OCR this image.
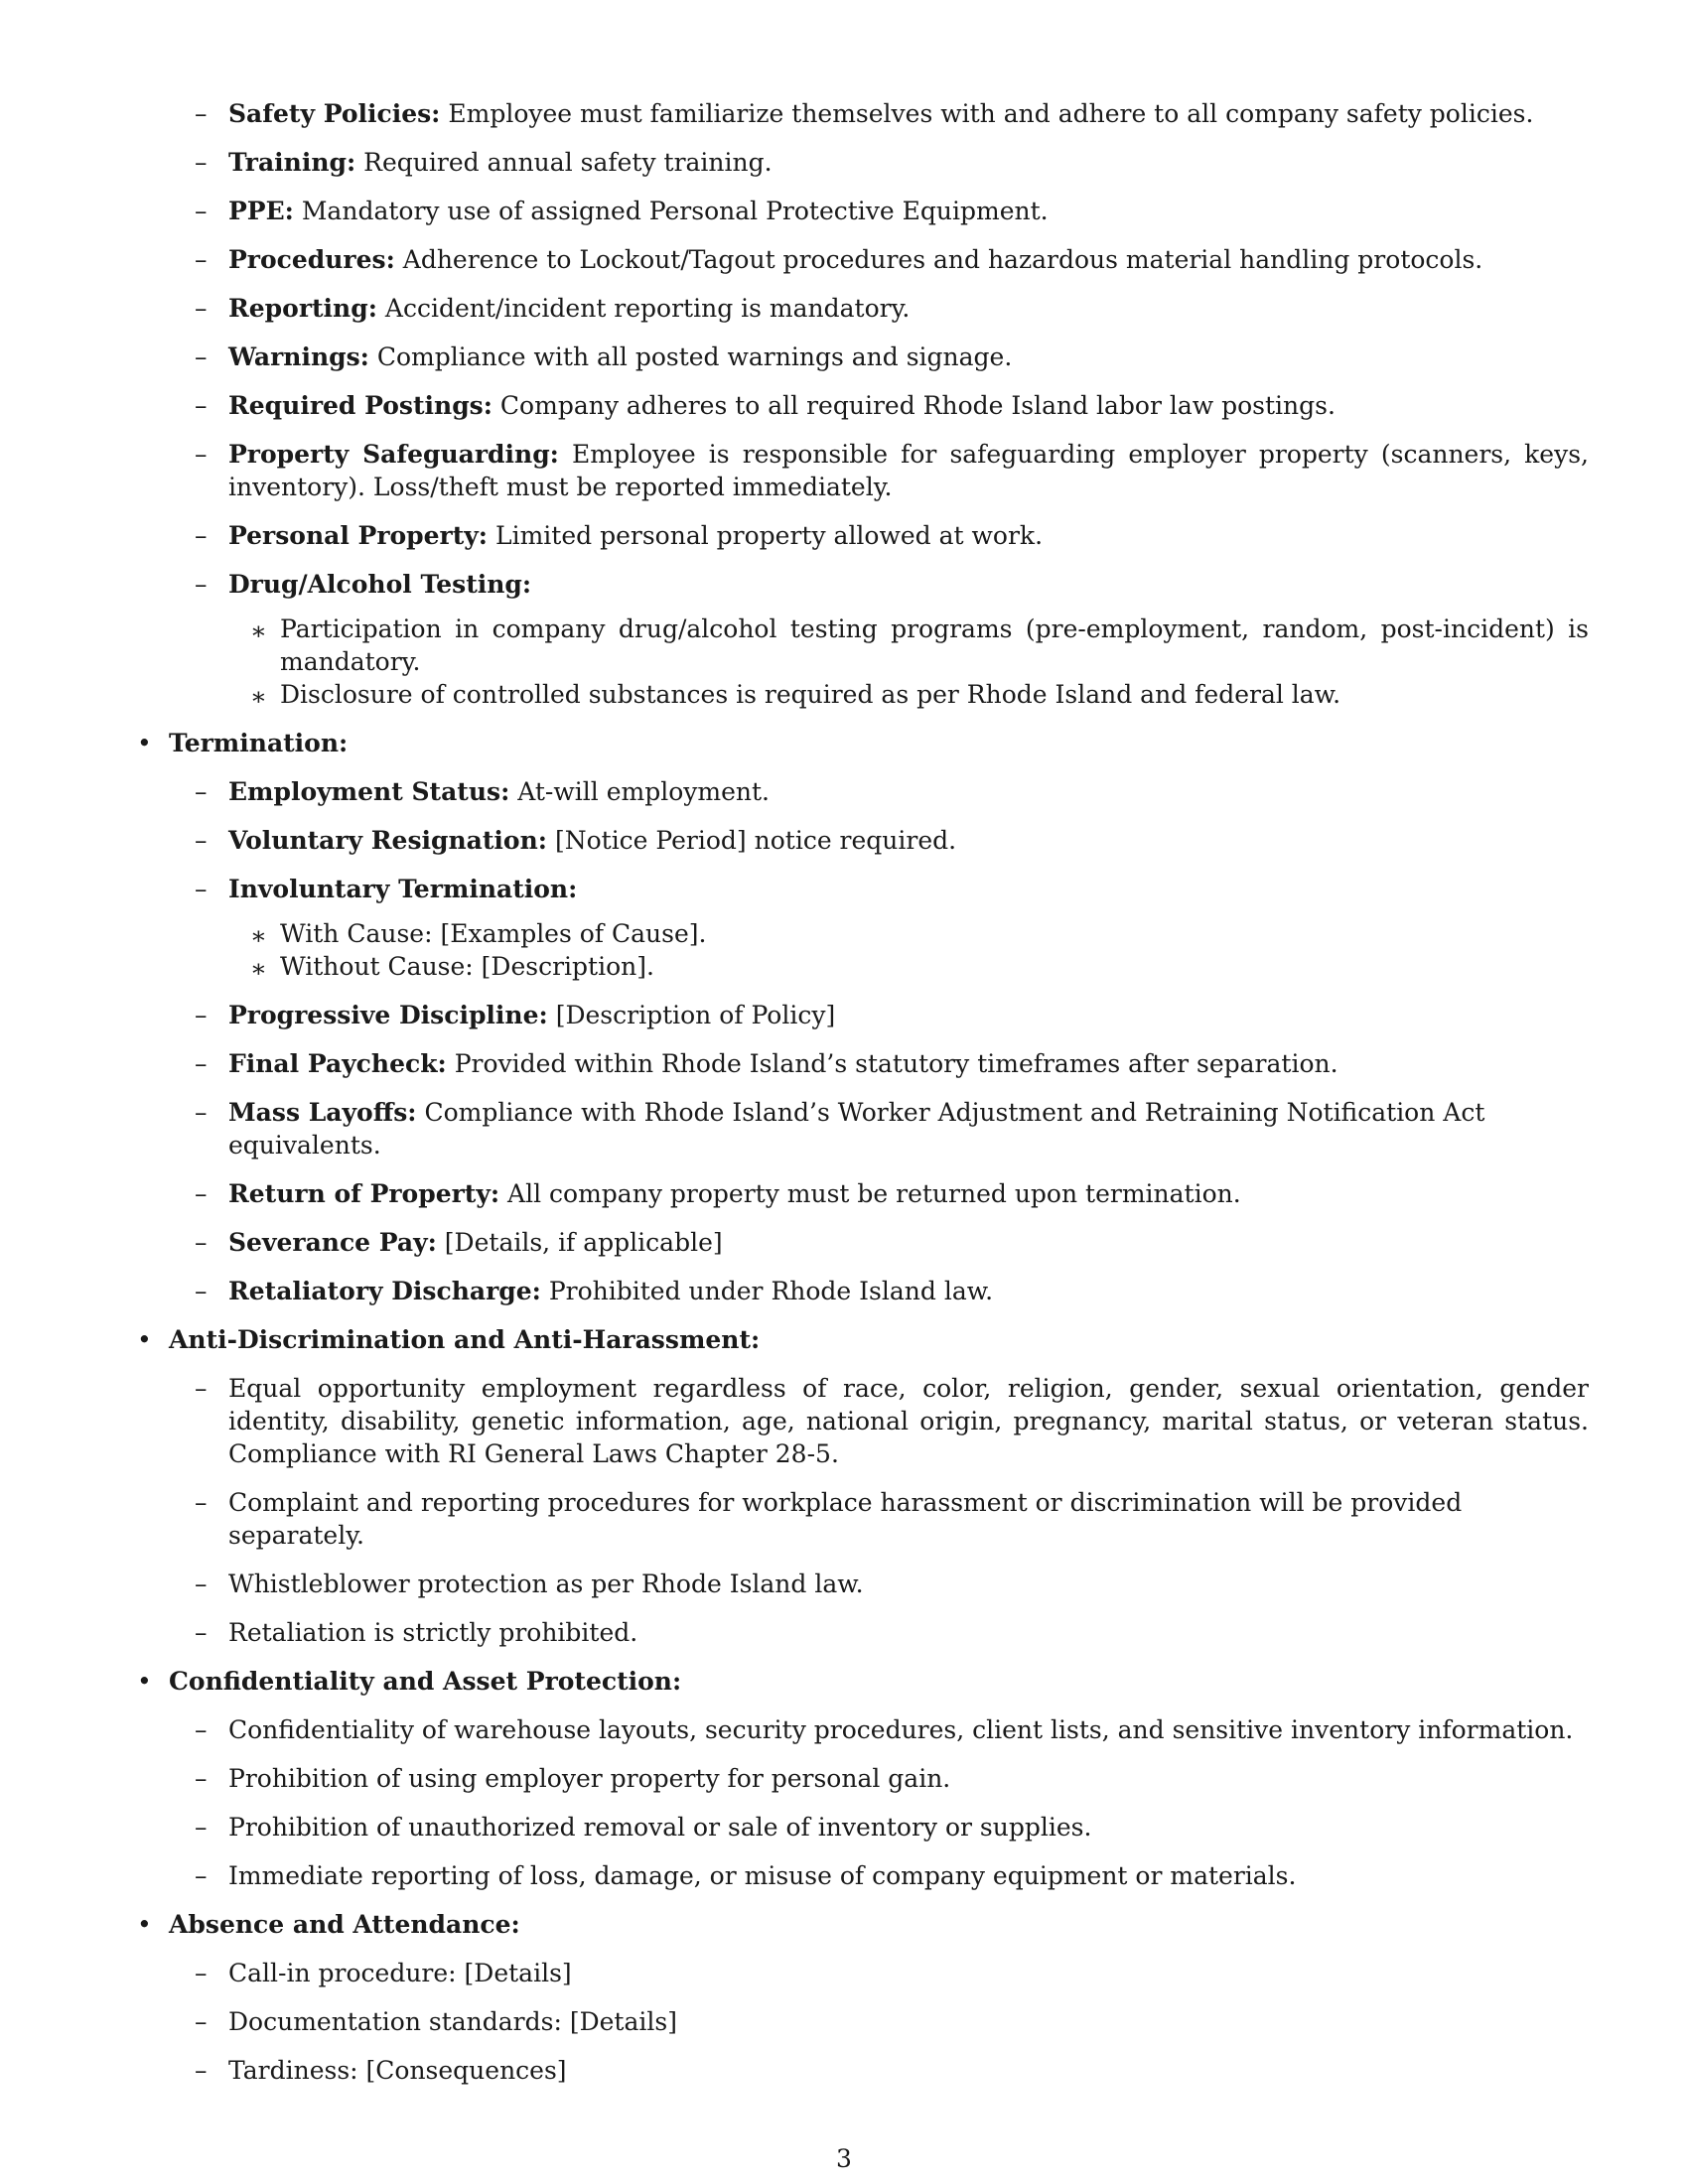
– Safety Policies: Employee must familiarize themselves with and adhere to all company safety policies.
– Training: Required annual safety training.
– PPE: Mandatory use of assigned Personal Protective Equipment.
– Procedures: Adherence to Lockout/Tagout procedures and hazardous material handling protocols.
– Reporting: Accident/incident reporting is mandatory.
– Warnings: Compliance with all posted warnings and signage.
– Required Postings: Company adheres to all required Rhode Island labor law postings.
– Property Safeguarding: Employee is responsible for safeguarding employer property (scanners, keys, inventory). Loss/theft must be reported immediately.
– Personal Property: Limited personal property allowed at work.
– Drug/Alcohol Testing:
∗ Participation in company drug/alcohol testing programs (pre-employment, random, post-incident) is mandatory.
∗ Disclosure of controlled substances is required as per Rhode Island and federal law.
• Termination:
– Employment Status: At-will employment.
– Voluntary Resignation: [Notice Period] notice required.
– Involuntary Termination:
∗ With Cause: [Examples of Cause].
∗ Without Cause: [Description].
– Progressive Discipline: [Description of Policy]
– Final Paycheck: Provided within Rhode Island’s statutory timeframes after separation.
– Mass Layoffs: Compliance with Rhode Island’s Worker Adjustment and Retraining Notification Act equivalents.
– Return of Property: All company property must be returned upon termination.
– Severance Pay: [Details, if applicable]
– Retaliatory Discharge: Prohibited under Rhode Island law.
• Anti-Discrimination and Anti-Harassment:
– Equal opportunity employment regardless of race, color, religion, gender, sexual orientation, gender identity, disability, genetic information, age, national origin, pregnancy, marital status, or veteran status. Compliance with RI General Laws Chapter 28-5.
– Complaint and reporting procedures for workplace harassment or discrimination will be provided separately.
– Whistleblower protection as per Rhode Island law.
– Retaliation is strictly prohibited.
• Confidentiality and Asset Protection:
– Confidentiality of warehouse layouts, security procedures, client lists, and sensitive inventory information.
– Prohibition of using employer property for personal gain.
– Prohibition of unauthorized removal or sale of inventory or supplies.
– Immediate reporting of loss, damage, or misuse of company equipment or materials.
• Absence and Attendance:
– Call-in procedure: [Details]
– Documentation standards: [Details]
– Tardiness: [Consequences]
3
